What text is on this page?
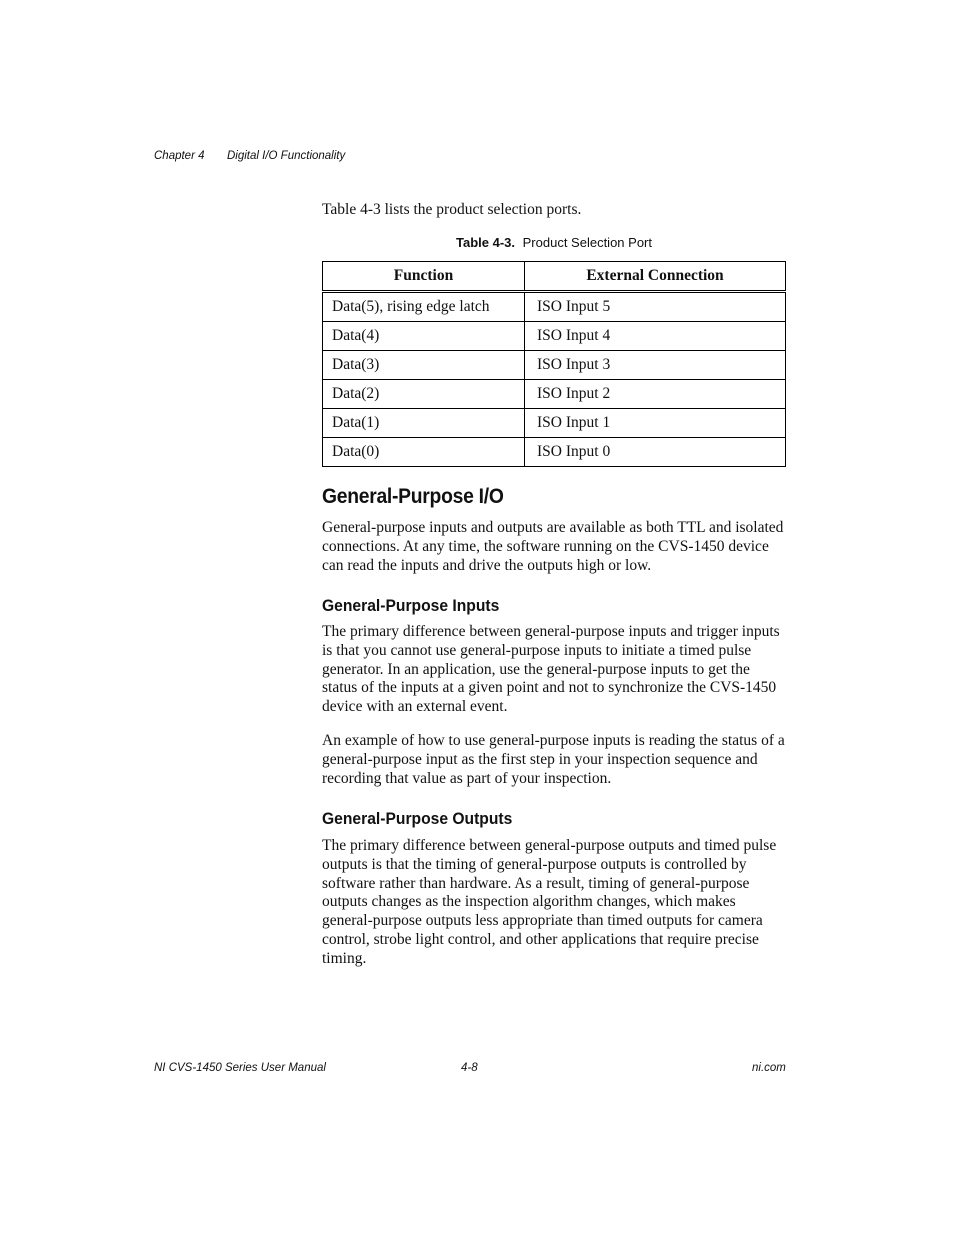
Chapter 4 Digital I/O Functionality
Table 4-3 lists the product selection ports.
Table 4-3. Product Selection Port
Function	External Connection
Data(5), rising edge latch	ISO Input 5
Data(4)	ISO Input 4
Data(3)	ISO Input 3
Data(2)	ISO Input 2
Data(1)	ISO Input 1
Data(0)	ISO Input 0
General-Purpose I/O

General-purpose inputs and outputs are available as both TTL and isolated connections. At any time, the software running on the CVS-1450 device can read the inputs and drive the outputs high or low.

General-Purpose Inputs

The primary difference between general-purpose inputs and trigger inputs is that you cannot use general-purpose inputs to initiate a timed pulse generator. In an application, use the general-purpose inputs to get the status of the inputs at a given point and not to synchronize the CVS-1450 device with an external event.

An example of how to use general-purpose inputs is reading the status of a general-purpose input as the first step in your inspection sequence and recording that value as part of your inspection.

General-Purpose Outputs

The primary difference between general-purpose outputs and timed pulse outputs is that the timing of general-purpose outputs is controlled by software rather than hardware. As a result, timing of general-purpose outputs changes as the inspection algorithm changes, which makes general-purpose outputs less appropriate than timed outputs for camera control, strobe light control, and other applications that require precise timing.

NI CVS-1450 Series User Manual	4-8	ni.com
